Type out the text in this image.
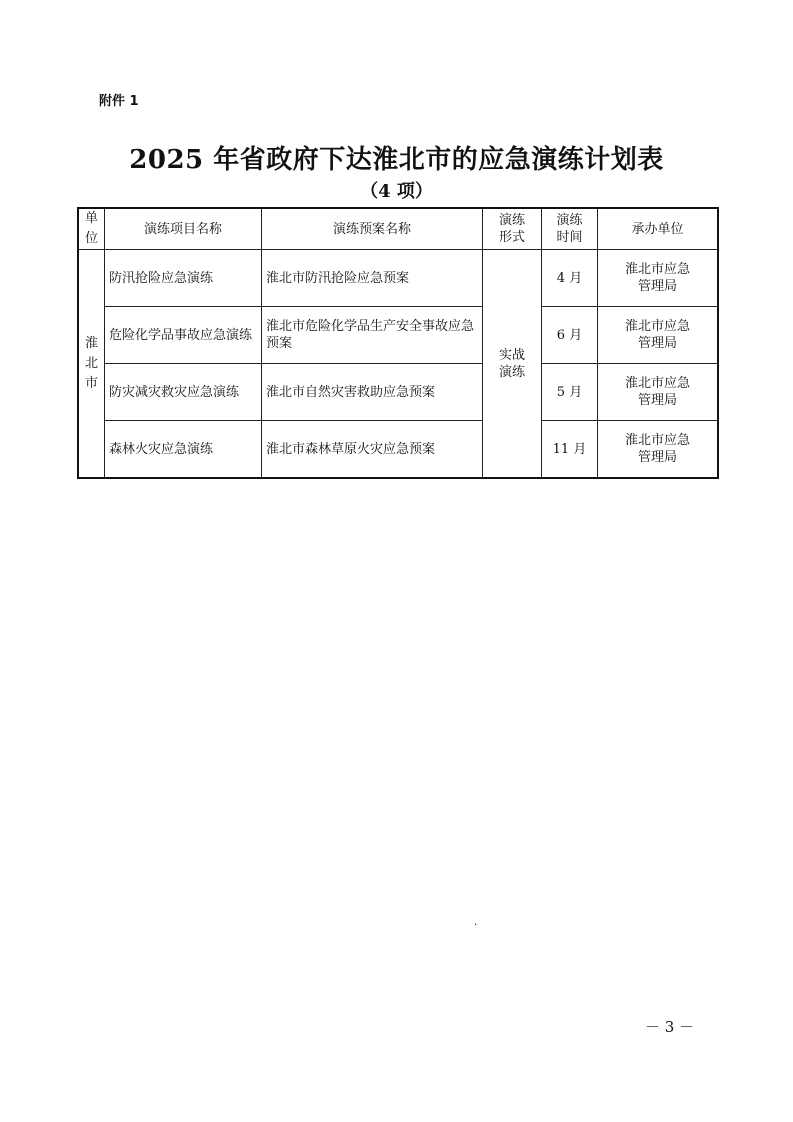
附件 1
2025 年省政府下达淮北市的应急演练计划表
（4 项）
单位	演练项目名称	演练预案名称	演练形式	演练时间	承办单位
淮北市	防汛抢险应急演练	淮北市防汛抢险应急预案	实战演练	4 月	淮北市应急管理局
	危险化学品事故应急演练	淮北市危险化学品生产安全事故应急预案		6 月	淮北市应急管理局
	防灾减灾救灾应急演练	淮北市自然灾害救助应急预案		5 月	淮北市应急管理局
	森林火灾应急演练	淮北市森林草原火灾应急预案		11 月	淮北市应急管理局
·
－ 3 －
